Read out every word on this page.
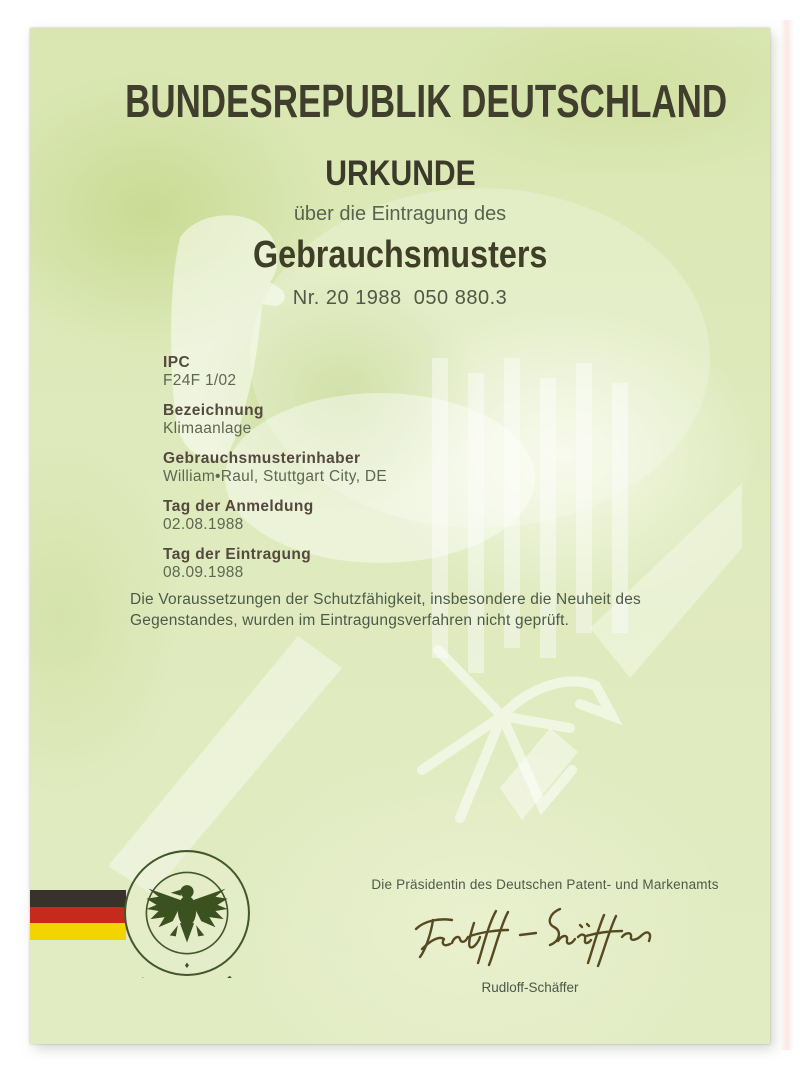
BUNDESREPUBLIK DEUTSCHLAND
URKUNDE
über die Eintragung des
Gebrauchsmusters
Nr. 20 1988  050 880.3
IPC
F24F 1/02
Bezeichnung
Klimaanlage
Gebrauchsmusterinhaber
William•Raul, Stuttgart City, DE
Tag der Anmeldung
02.08.1988
Tag der Eintragung
08.09.1988
Die Voraussetzungen der Schutzfähigkeit, insbesondere die Neuheit des Gegenstandes, wurden im Eintragungsverfahren nicht geprüft.
Die Präsidentin des Deutschen Patent- und Markenamts
Rudloff-Schäffer
♦
